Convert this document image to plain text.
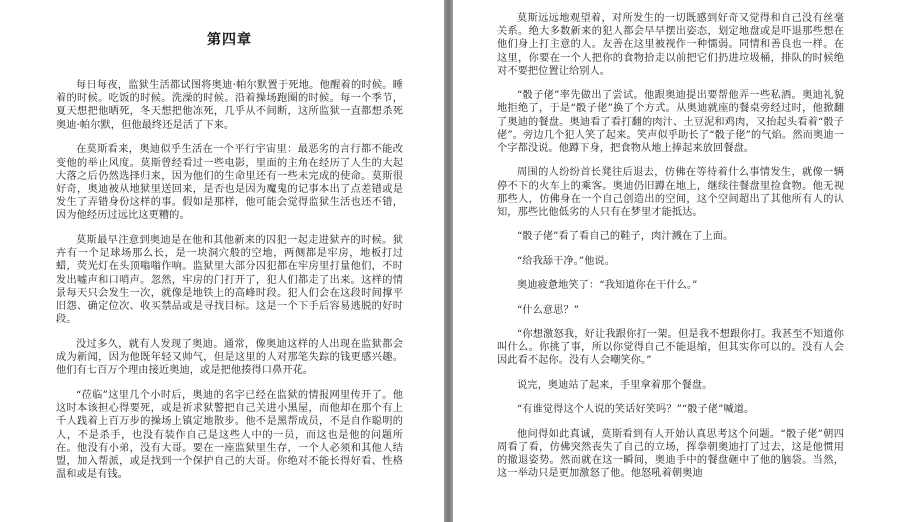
第四章

每日每夜，监狱生活都试图将奥迪·帕尔默置于死地。他醒着的时候。睡着的时候。吃饭的时候。洗澡的时候。沿着操场跑圈的时候。每一个季节，夏天想把他晒死，冬天想把他冻死，几乎从不间断，这所监狱一直都想杀死奥迪·帕尔默，但他最终还是活了下来。

在莫斯看来，奥迪似乎生活在一个平行宇宙里：最恶劣的言行都不能改变他的举止风度。莫斯曾经看过一些电影，里面的主角在经历了人生的大起大落之后仍然选择归来，因为他们的生命里还有一些未完成的使命。莫斯很好奇，奥迪被从地狱里送回来，是否也是因为魔鬼的记事本出了点差错或是发生了弄错身份这样的事。假如是那样，他可能会觉得监狱生活也还不错，因为他经历过远比这更糟的。

莫斯最早注意到奥迪是在他和其他新来的囚犯一起走进狱卉的时候。狱卉有一个足球场那么长，是一块洞穴般的空地，两侧都是牢房，地板打过蜡，荧光灯在头顶嗡嗡作响。监狱里大部分囚犯都在牢房里打量他们，不时发出嘘声和口哨声。忽然，牢房的门打开了，犯人们都走了出来。这样的情景每天只会发生一次，就像是地铁上的高峰时段。犯人们会在这段时间撑平旧怨、确定位次、收买禁品或是寻找目标。这是一个下手后容易逃脱的好时段。

没过多久，就有人发现了奥迪。通常，像奥迪这样的人出现在监狱都会成为新闻，因为他既年轻又帅气，但是这里的人对那笔失踪的钱更感兴趣。他们有七百万个理由接近奥迪，或是把他揍得口鼻开花。

“莅临”这里几个小时后，奥迪的名字已经在监狱的情报网里传开了。他这时本该担心得要死，或是祈求狱警把自己关进小黑屋，而他却在那个有上千人践着上百万步的操场上镇定地散步。他不是黑帮成员，不是自作聪明的人，不是杀手，也没有装作自己是这些人中的一员，而这也是他的问题所在。他没有小弟，没有大哥。要在一座监狱里生存，一个人必须和其他人结盟，加入帮派，或是找到一个保护自己的大哥。你绝对不能长得好看、性格温和或是有钱。

莫斯远远地观望着，对所发生的一切既感到好奇又觉得和自己没有丝毫关系。绝大多数新来的犯人都会早早摆出姿态，划定地盘或是吓退那些想在他们身上打主意的人。友善在这里被视作一种懦弱。同情和善良也一样。在这里，你要在一个人把你的食物拾走以前把它们扔进垃圾桶，排队的时候绝对不要把位置让给别人。

“骰子佬”率先做出了尝试。他跟奥迪提出要帮他弄一些私酒。奥迪礼貌地拒绝了，于是“骰子佬”换了个方式。从奥迪就座的餐桌旁经过时，他掀翻了奥迪的餐盘。奥迪看了看打翻的肉汁、土豆泥和鸡肉，又抬起头看着“骰子佬”。旁边几个犯人笑了起来。笑声似乎助长了“骰子佬”的气焰。然而奥迪一个字都没说。他蹲下身，把食物从地上捧起来放回餐盘。

周围的人纷纷首长凳往后退去，仿佛在等待着什么事情发生，就像一辆停不下的火车上的乘客。奥迪仍旧蹲在地上，继续往餐盘里捡食物。他无视那些人，仿佛身在一个自己创造出的空间，这个空间超出了其他所有人的认知，那些比他低劣的人只有在梦里才能抵达。

“骰子佬”看了看自己的鞋子，肉汁溅在了上面。

“给我舔干净。”他说。

奥迪疲惫地笑了：“我知道你在干什么。”

“什么意思？”

“你想激怒我，好让我跟你打一架。但是我不想跟你打。我甚至不知道你叫什么。你挑了事，所以你觉得自己不能退缩，但其实你可以的。没有人会因此看不起你。没有人会嘲笑你。”

说完，奥迪站了起来，手里拿着那个餐盘。

“有谁觉得这个人说的笑话好笑吗？”“骰子佬”喊道。

他问得如此真诚，莫斯看到有人开始认真思考这个问题。“骰子佬”朝四周看了看，仿佛突然丧失了自己的立场，挥拳朝奥迪打了过去，这是他惯用的撤退姿势。然而就在这一瞬间，奥迪手中的餐盘砸中了他的脑袋。当然，这一举动只是更加激怒了他。他怒吼着朝奥迪
